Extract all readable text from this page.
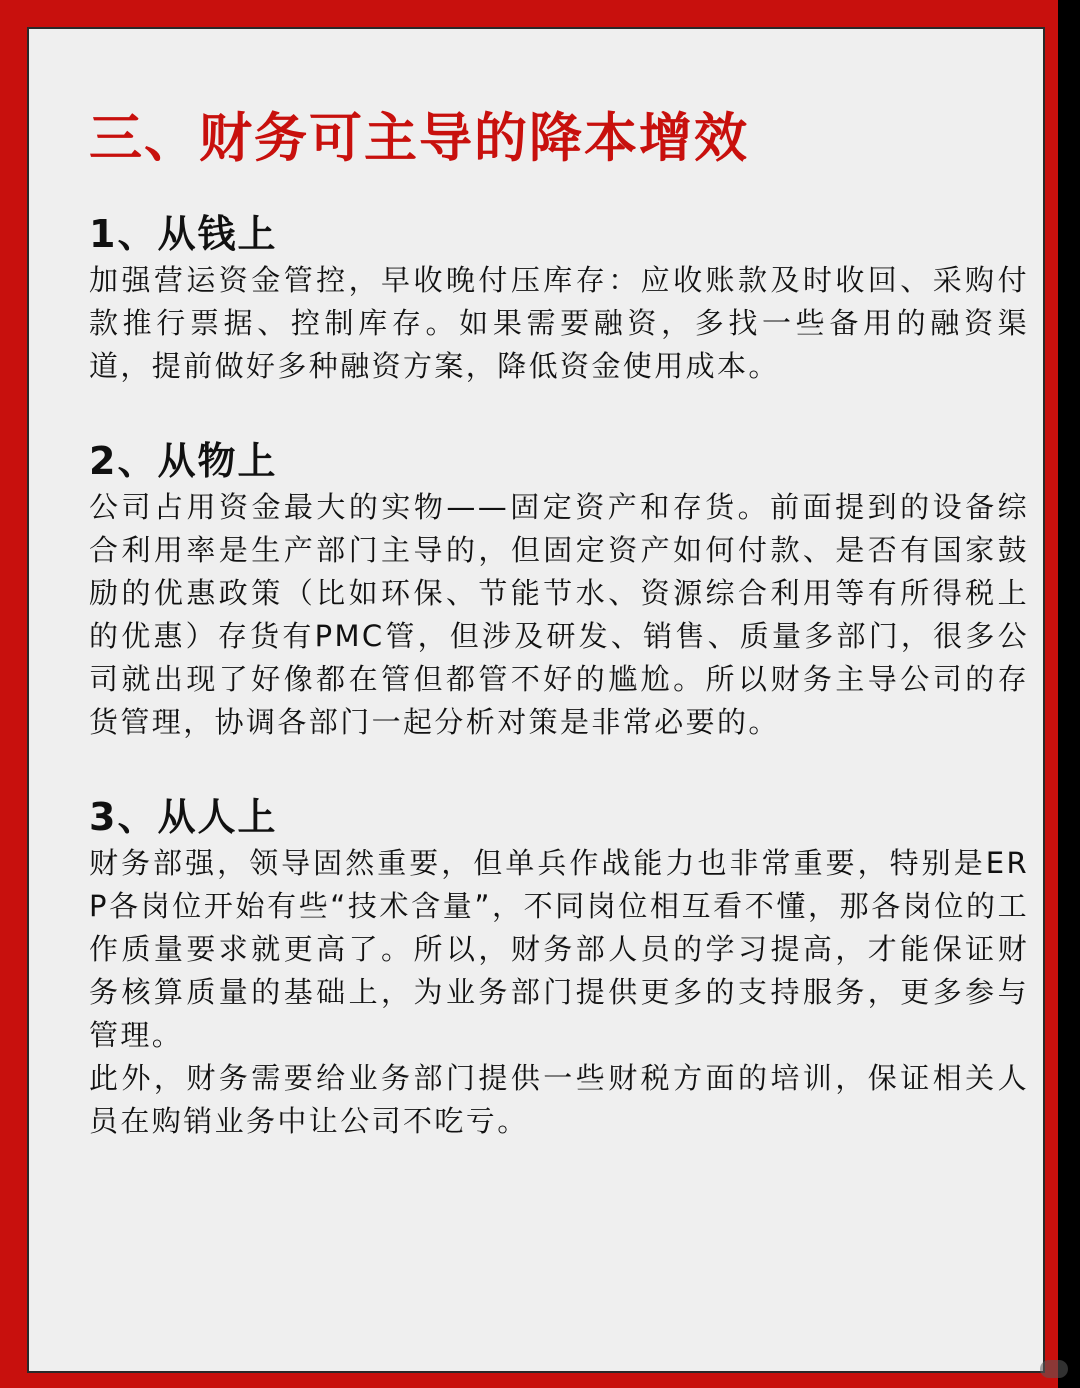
三、财务可主导的降本增效
1、从钱上

加强营运资金管控，早收晚付压库存：应收账款及时收回、采购付款推行票据、控制库存。如果需要融资，多找一些备用的融资渠道，提前做好多种融资方案，降低资金使用成本。

2、从物上

公司占用资金最大的实物——固定资产和存货。前面提到的设备综合利用率是生产部门主导的，但固定资产如何付款、是否有国家鼓励的优惠政策（比如环保、节能节水、资源综合利用等有所得税上的优惠）存货有PMC管，但涉及研发、销售、质量多部门，很多公司就出现了好像都在管但都管不好的尴尬。所以财务主导公司的存货管理，协调各部门一起分析对策是非常必要的。

3、从人上

财务部强，领导固然重要，但单兵作战能力也非常重要，特别是ERP各岗位开始有些“技术含量”，不同岗位相互看不懂，那各岗位的工作质量要求就更高了。所以，财务部人员的学习提高，才能保证财务核算质量的基础上，为业务部门提供更多的支持服务，更多参与管理。

此外，财务需要给业务部门提供一些财税方面的培训，保证相关人员在购销业务中让公司不吃亏。
